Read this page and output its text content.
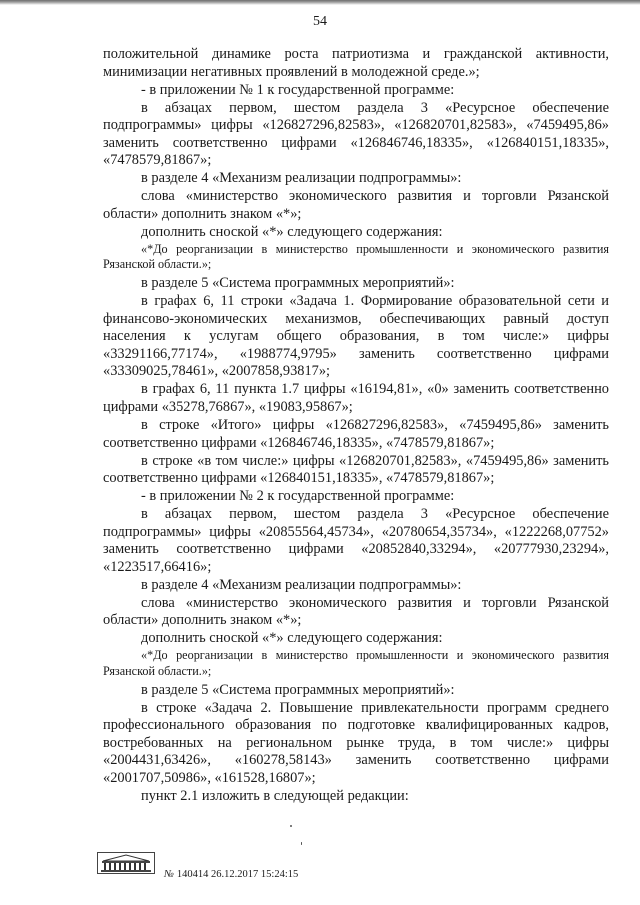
54

положительной динамике роста патриотизма и гражданской активности, минимизации негативных проявлений в молодежной среде.»;

- в приложении № 1 к государственной программе:

в абзацах первом, шестом раздела 3 «Ресурсное обеспечение подпрограммы» цифры «126827296,82583», «126820701,82583», «7459495,86» заменить соответственно цифрами «126846746,18335», «126840151,18335», «7478579,81867»;

в разделе 4 «Механизм реализации подпрограммы»:

слова «министерство экономического развития и торговли Рязанской области» дополнить знаком «*»;

дополнить сноской «*» следующего содержания:

«*До реорганизации в министерство промышленности и экономического развития Рязанской области.»;

в разделе 5 «Система программных мероприятий»:

в графах 6, 11 строки «Задача 1. Формирование образовательной сети и финансово-экономических механизмов, обеспечивающих равный доступ населения к услугам общего образования, в том числе:» цифры «33291166,77174», «1988774,9795» заменить соответственно цифрами «33309025,78461», «2007858,93817»;

в графах 6, 11 пункта 1.7 цифры «16194,81», «0» заменить соответственно цифрами «35278,76867», «19083,95867»;

в строке «Итого» цифры «126827296,82583», «7459495,86» заменить соответственно цифрами «126846746,18335», «7478579,81867»;

в строке «в том числе:» цифры «126820701,82583», «7459495,86» заменить соответственно цифрами «126840151,18335», «7478579,81867»;

- в приложении № 2 к государственной программе:

в абзацах первом, шестом раздела 3 «Ресурсное обеспечение подпрограммы» цифры «20855564,45734», «20780654,35734», «1222268,07752» заменить соответственно цифрами «20852840,33294», «20777930,23294», «1223517,66416»;

в разделе 4 «Механизм реализации подпрограммы»:

слова «министерство экономического развития и торговли Рязанской области» дополнить знаком «*»;

дополнить сноской «*» следующего содержания:

«*До реорганизации в министерство промышленности и экономического развития Рязанской области.»;

в разделе 5 «Система программных мероприятий»:

в строке «Задача 2. Повышение привлекательности программ среднего профессионального образования по подготовке квалифицированных кадров, востребованных на региональном рынке труда, в том числе:» цифры «2004431,63426», «160278,58143» заменить соответственно цифрами «2001707,50986», «161528,16807»;

пункт 2.1 изложить в следующей редакции:

№ 140414 26.12.2017 15:24:15
